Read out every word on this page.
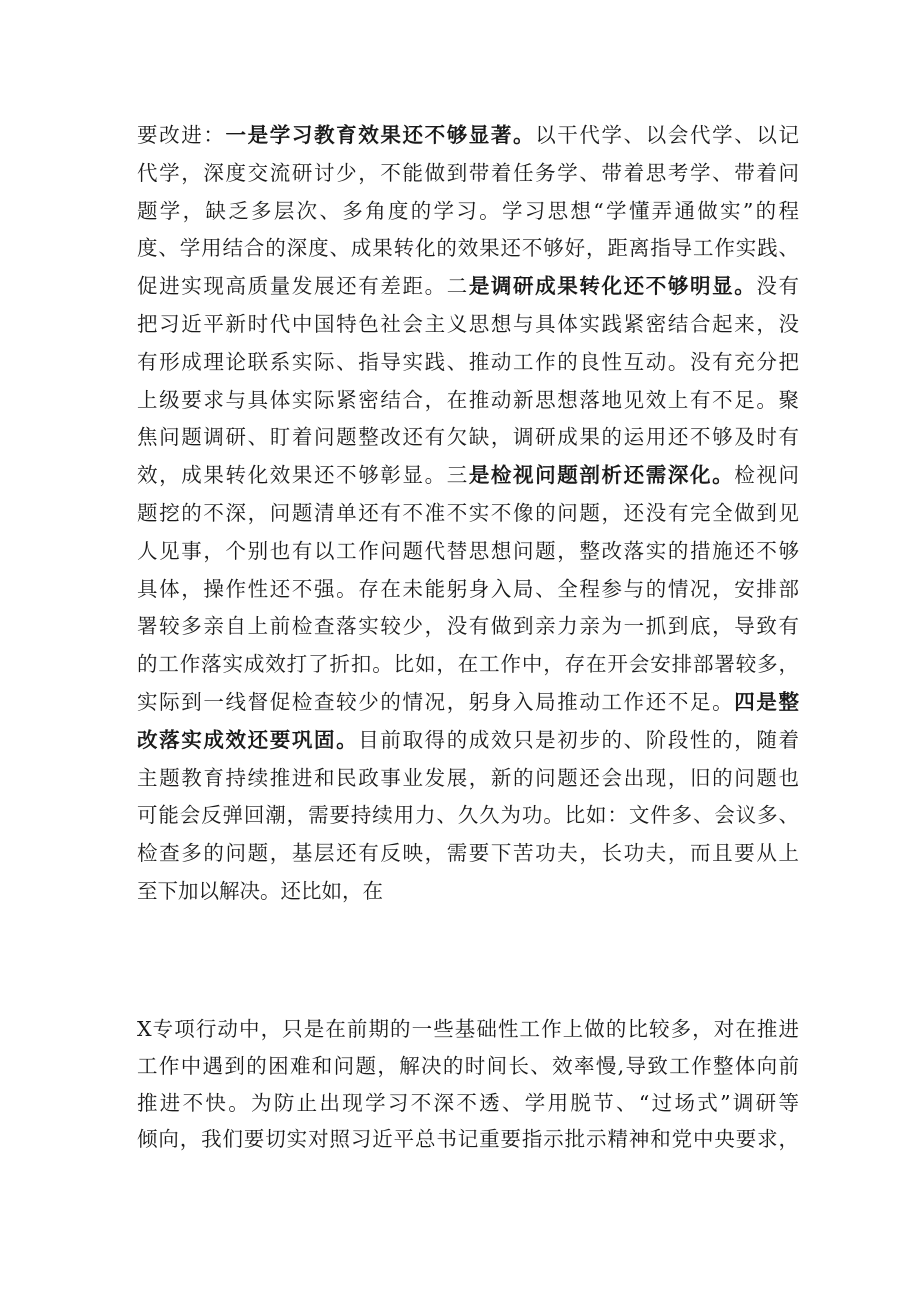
要改进：一是学习教育效果还不够显著。以干代学、以会代学、以记
代学，深度交流研讨少，不能做到带着任务学、带着思考学、带着问
题学，缺乏多层次、多角度的学习。学习思想“学懂弄通做实”的程
度、学用结合的深度、成果转化的效果还不够好，距离指导工作实践、
促进实现高质量发展还有差距。二是调研成果转化还不够明显。没有
把习近平新时代中国特色社会主义思想与具体实践紧密结合起来，没
有形成理论联系实际、指导实践、推动工作的良性互动。没有充分把
上级要求与具体实际紧密结合，在推动新思想落地见效上有不足。聚
焦问题调研、盯着问题整改还有欠缺，调研成果的运用还不够及时有
效，成果转化效果还不够彰显。三是检视问题剖析还需深化。检视问
题挖的不深，问题清单还有不准不实不像的问题，还没有完全做到见
人见事，个别也有以工作问题代替思想问题，整改落实的措施还不够
具体，操作性还不强。存在未能躬身入局、全程参与的情况，安排部
署较多亲自上前检查落实较少，没有做到亲力亲为一抓到底，导致有
的工作落实成效打了折扣。比如，在工作中，存在开会安排部署较多，
实际到一线督促检查较少的情况，躬身入局推动工作还不足。四是整
改落实成效还要巩固。目前取得的成效只是初步的、阶段性的，随着
主题教育持续推进和民政事业发展，新的问题还会出现，旧的问题也
可能会反弹回潮，需要持续用力、久久为功。比如：文件多、会议多、
检查多的问题，基层还有反映，需要下苦功夫，长功夫，而且要从上
至下加以解决。还比如，在
X专项行动中，只是在前期的一些基础性工作上做的比较多，对在推进
工作中遇到的困难和问题，解决的时间长、效率慢,导致工作整体向前
推进不快。为防止出现学习不深不透、学用脱节、“过场式”调研等
倾向，我们要切实对照习近平总书记重要指示批示精神和党中央要求，
